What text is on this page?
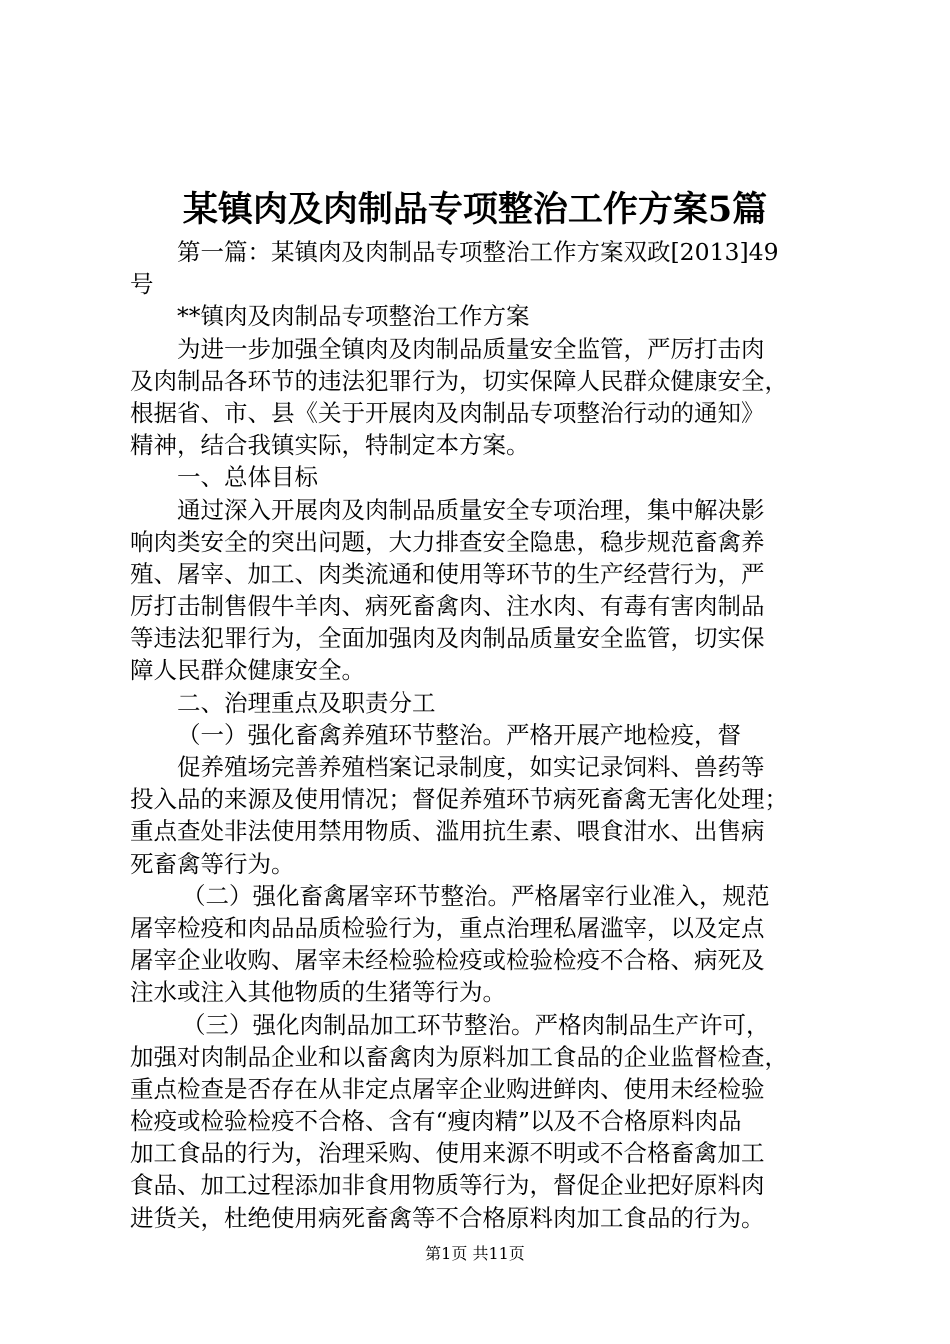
某镇肉及肉制品专项整治工作方案5篇
第一篇：某镇肉及肉制品专项整治工作方案双政[2013]49
号
**镇肉及肉制品专项整治工作方案
为进一步加强全镇肉及肉制品质量安全监管，严厉打击肉
及肉制品各环节的违法犯罪行为，切实保障人民群众健康安全，
根据省、市、县《关于开展肉及肉制品专项整治行动的通知》
精神，结合我镇实际，特制定本方案。
一、总体目标
通过深入开展肉及肉制品质量安全专项治理，集中解决影
响肉类安全的突出问题，大力排查安全隐患，稳步规范畜禽养
殖、屠宰、加工、肉类流通和使用等环节的生产经营行为，严
厉打击制售假牛羊肉、病死畜禽肉、注水肉、有毒有害肉制品
等违法犯罪行为，全面加强肉及肉制品质量安全监管，切实保
障人民群众健康安全。
二、治理重点及职责分工
（一）强化畜禽养殖环节整治。严格开展产地检疫，督
促养殖场完善养殖档案记录制度，如实记录饲料、兽药等
投入品的来源及使用情况；督促养殖环节病死畜禽无害化处理；
重点查处非法使用禁用物质、滥用抗生素、喂食泔水、出售病
死畜禽等行为。
（二）强化畜禽屠宰环节整治。严格屠宰行业准入，规范
屠宰检疫和肉品品质检验行为，重点治理私屠滥宰，以及定点
屠宰企业收购、屠宰未经检验检疫或检验检疫不合格、病死及
注水或注入其他物质的生猪等行为。
（三）强化肉制品加工环节整治。严格肉制品生产许可，
加强对肉制品企业和以畜禽肉为原料加工食品的企业监督检查，
重点检查是否存在从非定点屠宰企业购进鲜肉、使用未经检验
检疫或检验检疫不合格、含有“瘦肉精”以及不合格原料肉品
加工食品的行为，治理采购、使用来源不明或不合格畜禽加工
食品、加工过程添加非食用物质等行为，督促企业把好原料肉
进货关，杜绝使用病死畜禽等不合格原料肉加工食品的行为。
第1页 共11页
